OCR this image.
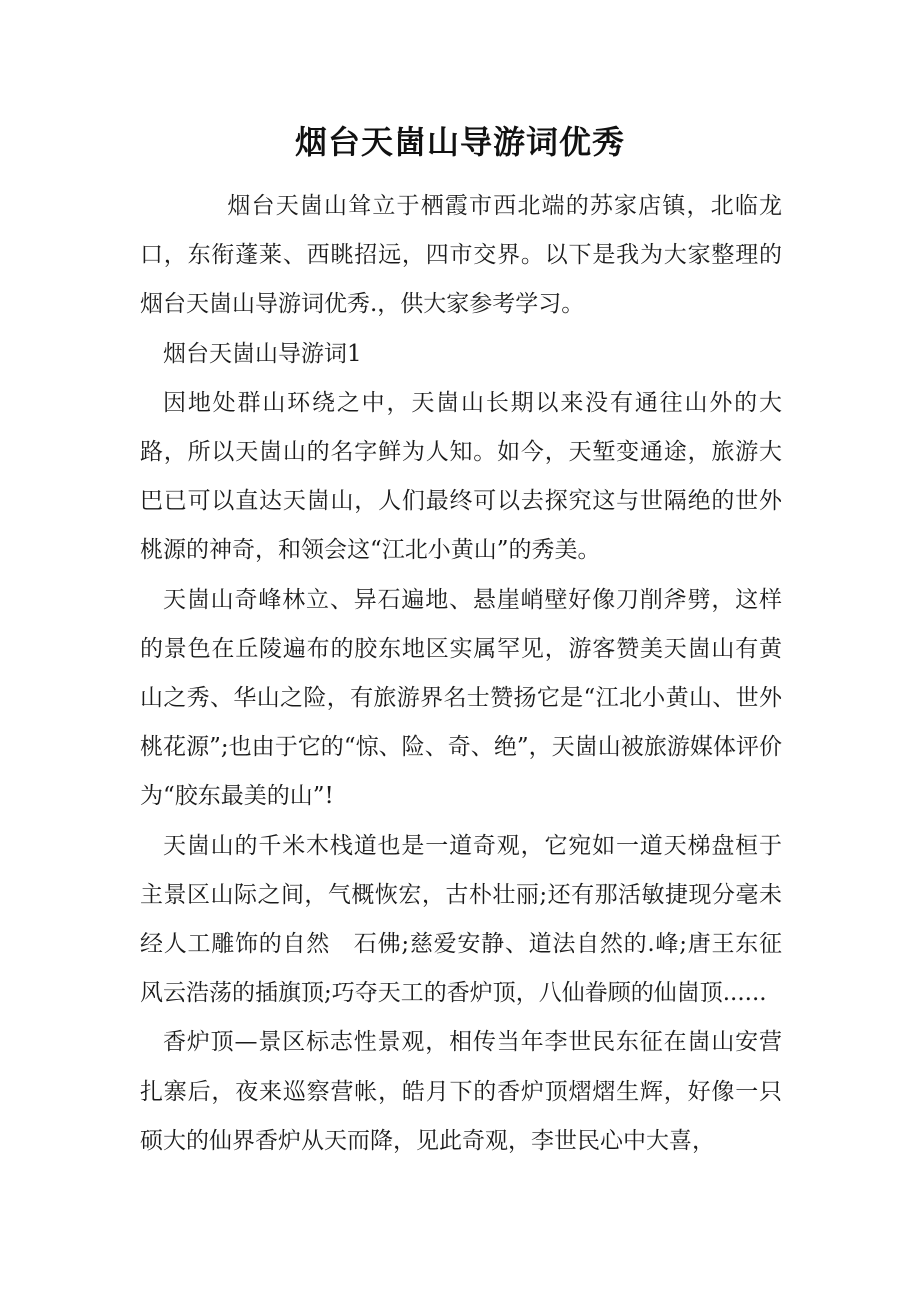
烟台天崮山导游词优秀

烟台天崮山耸立于栖霞市西北端的苏家店镇，北临龙口，东衔蓬莱、西眺招远，四市交界。以下是我为大家整理的烟台天崮山导游词优秀.，供大家参考学习。

烟台天崮山导游词1

因地处群山环绕之中，天崮山长期以来没有通往山外的大路，所以天崮山的名字鲜为人知。如今，天堑变通途，旅游大巴已可以直达天崮山，人们最终可以去探究这与世隔绝的世外桃源的神奇，和领会这“江北小黄山”的秀美。

天崮山奇峰林立、异石遍地、悬崖峭壁好像刀削斧劈，这样的景色在丘陵遍布的胶东地区实属罕见，游客赞美天崮山有黄山之秀、华山之险，有旅游界名士赞扬它是“江北小黄山、世外桃花源”;也由于它的“惊、险、奇、绝”，天崮山被旅游媒体评价为“胶东最美的山”!

天崮山的千米木栈道也是一道奇观，它宛如一道天梯盘桓于主景区山际之间，气概恢宏，古朴壮丽;还有那活敏捷现分毫未经人工雕饰的自然　石佛;慈爱安静、道法自然的.峰;唐王东征风云浩荡的插旗顶;巧夺天工的香炉顶，八仙眷顾的仙崮顶......

香炉顶—景区标志性景观，相传当年李世民东征在崮山安营扎寨后，夜来巡察营帐，皓月下的香炉顶熠熠生辉，好像一只硕大的仙界香炉从天而降，见此奇观，李世民心中大喜，
